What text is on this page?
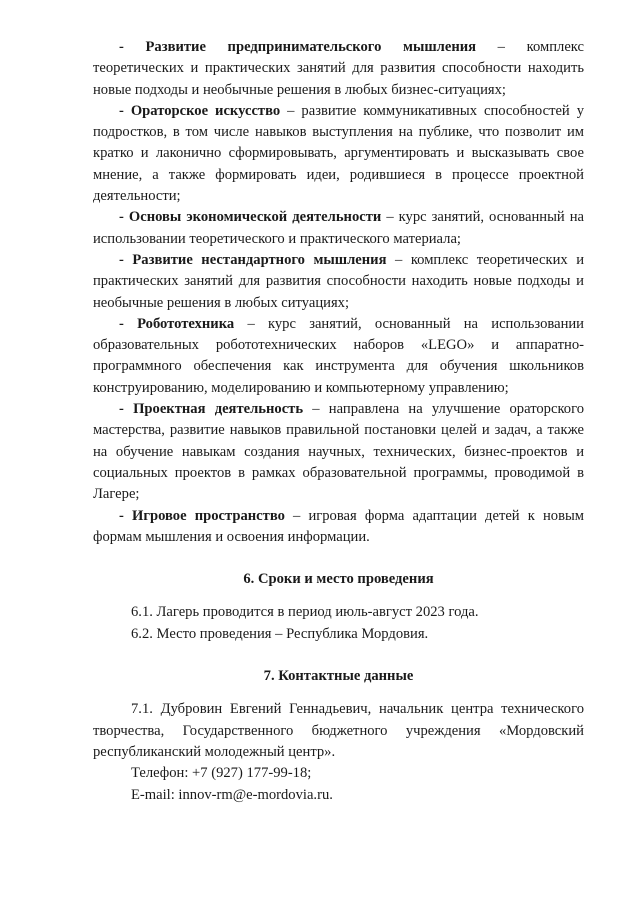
- Развитие предпринимательского мышления – комплекс теоретических и практических занятий для развития способности находить новые подходы и необычные решения в любых бизнес-ситуациях;

- Ораторское искусство – развитие коммуникативных способностей у подростков, в том числе навыков выступления на публике, что позволит им кратко и лаконично сформировывать, аргументировать и высказывать свое мнение, а также формировать идеи, родившиеся в процессе проектной деятельности;

- Основы экономической деятельности – курс занятий, основанный на использовании теоретического и практического материала;

- Развитие нестандартного мышления – комплекс теоретических и практических занятий для развития способности находить новые подходы и необычные решения в любых ситуациях;

- Робототехника – курс занятий, основанный на использовании образовательных робототехнических наборов «LEGO» и аппаратно-программного обеспечения как инструмента для обучения школьников конструированию, моделированию и компьютерному управлению;

- Проектная деятельность – направлена на улучшение ораторского мастерства, развитие навыков правильной постановки целей и задач, а также на обучение навыкам создания научных, технических, бизнес-проектов и социальных проектов в рамках образовательной программы, проводимой в Лагере;

- Игровое пространство – игровая форма адаптации детей к новым формам мышления и освоения информации.

6. Сроки и место проведения

6.1. Лагерь проводится в период июль-август 2023 года.

6.2. Место проведения – Республика Мордовия.

7. Контактные данные

7.1. Дубровин Евгений Геннадьевич, начальник центра технического творчества, Государственного бюджетного учреждения «Мордовский республиканский молодежный центр».

Телефон: +7 (927) 177-99-18;

E-mail: innov-rm@e-mordovia.ru.
